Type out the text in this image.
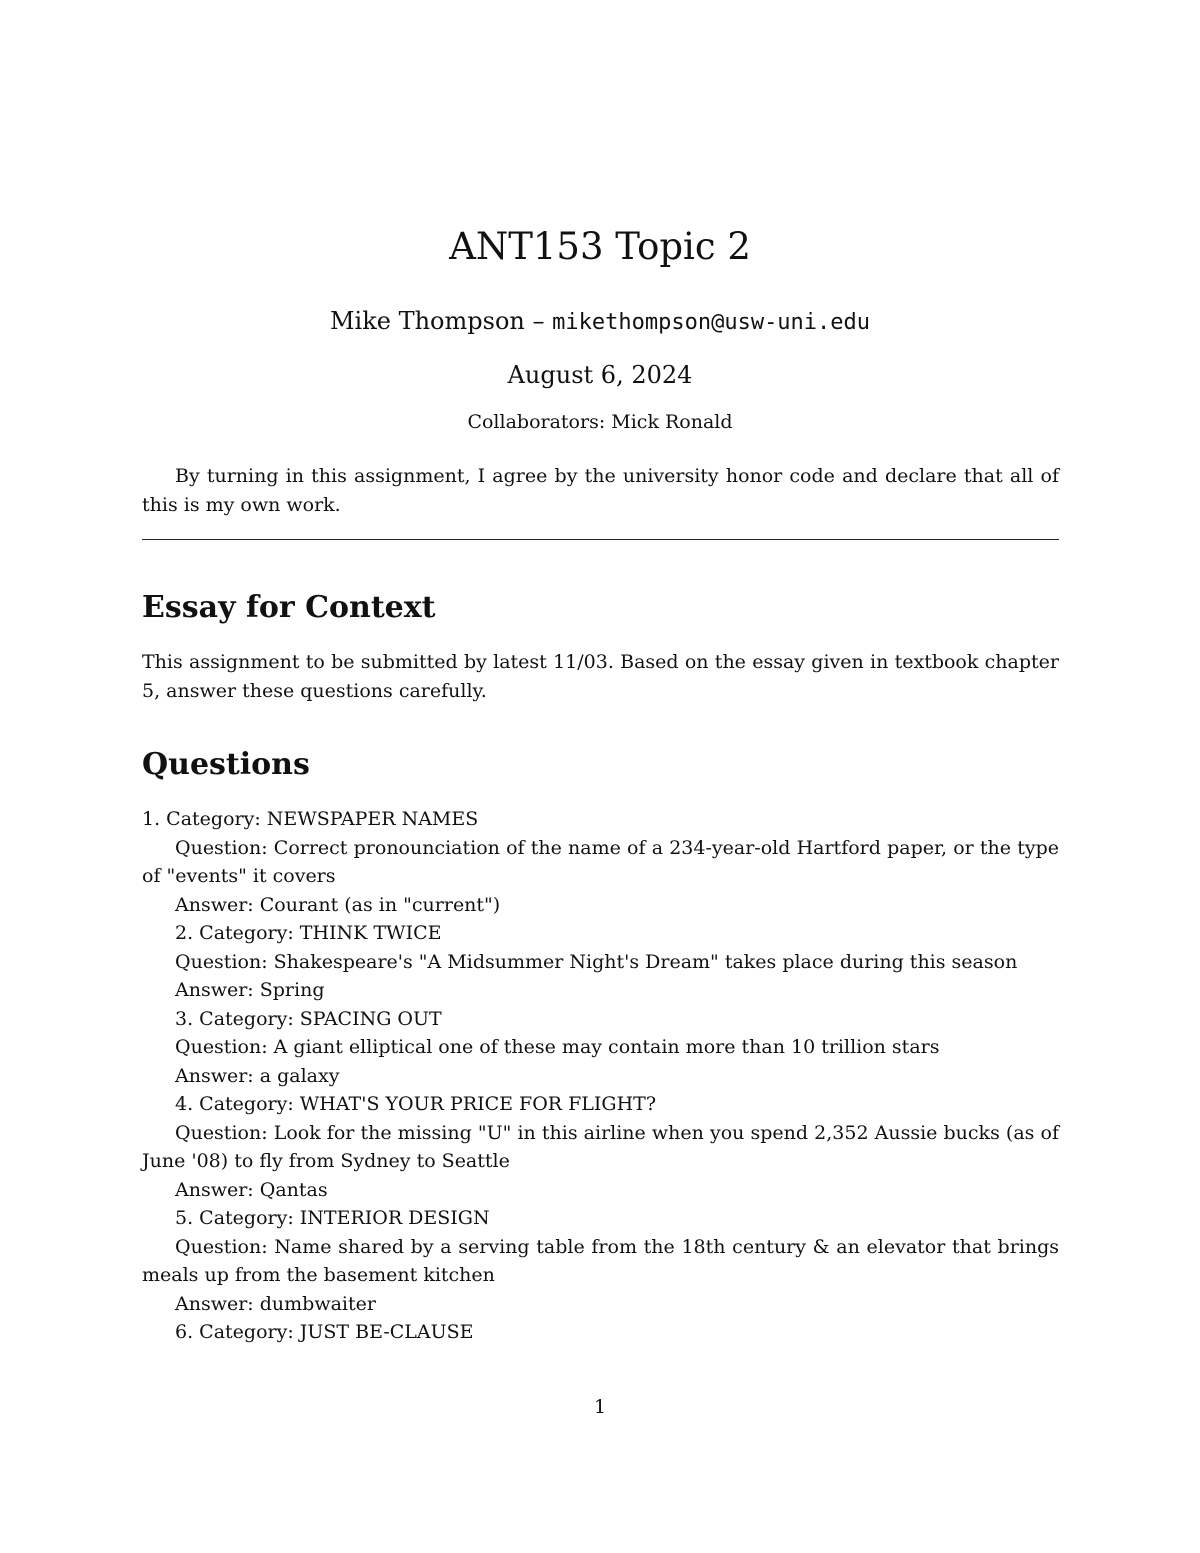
ANT153 Topic 2
Mike Thompson – mikethompson@usw-uni.edu
August 6, 2024
Collaborators: Mick Ronald
By turning in this assignment, I agree by the university honor code and declare that all of this is my own work.
Essay for Context
This assignment to be submitted by latest 11/03. Based on the essay given in textbook chapter 5, answer these questions carefully.
Questions
1. Category: NEWSPAPER NAMES
Question: Correct pronounciation of the name of a 234-year-old Hartford paper, or the type of "events" it covers
Answer: Courant (as in "current")
2. Category: THINK TWICE
Question: Shakespeare's "A Midsummer Night's Dream" takes place during this season
Answer: Spring
3. Category: SPACING OUT
Question: A giant elliptical one of these may contain more than 10 trillion stars
Answer: a galaxy
4. Category: WHAT'S YOUR PRICE FOR FLIGHT?
Question: Look for the missing "U" in this airline when you spend 2,352 Aussie bucks (as of June '08) to fly from Sydney to Seattle
Answer: Qantas
5. Category: INTERIOR DESIGN
Question: Name shared by a serving table from the 18th century & an elevator that brings meals up from the basement kitchen
Answer: dumbwaiter
6. Category: JUST BE-CLAUSE
1
